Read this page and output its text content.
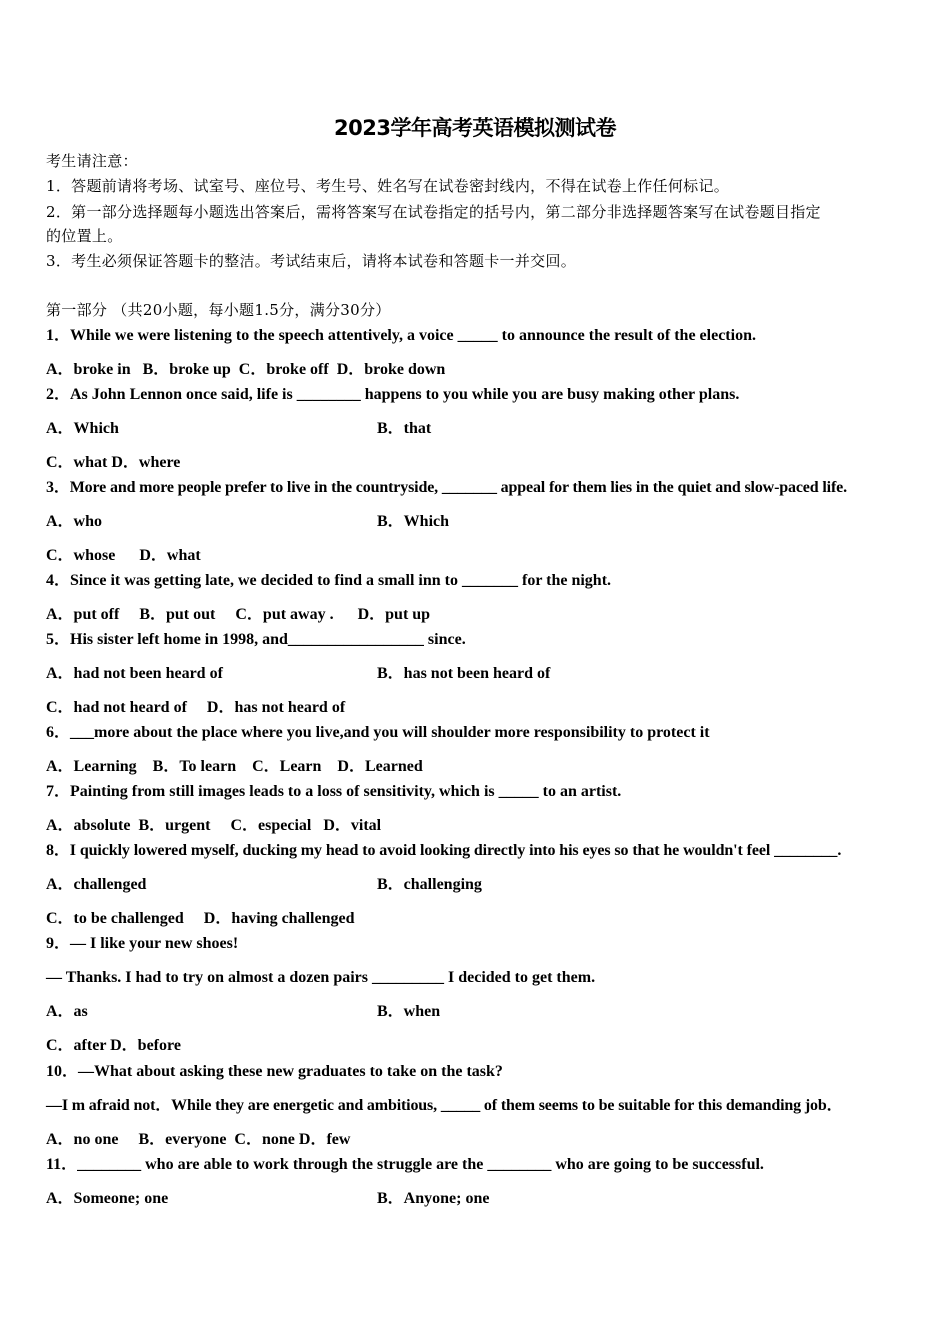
2023学年高考英语模拟测试卷
考生请注意：
1．答题前请将考场、试室号、座位号、考生号、姓名写在试卷密封线内，不得在试卷上作任何标记。
2．第一部分选择题每小题选出答案后，需将答案写在试卷指定的括号内，第二部分非选择题答案写在试卷题目指定
的位置上。
3．考生必须保证答题卡的整洁。考试结束后，请将本试卷和答题卡一并交回。
第一部分 （共20小题，每小题1.5分，满分30分）
1．While we were listening to the speech attentively, a voice _____ to announce the result of the election.
A．broke in   B．broke up  C．broke off  D．broke down
2．As John Lennon once said, life is ________ happens to you while you are busy making other plans.
A．Which	B．that
C．what D．where
3．More and more people prefer to live in the countryside, _______ appeal for them lies in the quiet and slow-paced life.
A．who	B．Which
C．whose      D．what
4．Since it was getting late, we decided to find a small inn to _______ for the night.
A．put off     B．put out     C．put away .      D．put up
5．His sister left home in 1998, and_________________ since.
A．had not been heard of	B．has not been heard of
C．had not heard of     D．has not heard of
6．___more about the place where you live,and you will shoulder more responsibility to protect it
A．Learning    B．To learn    C．Learn    D．Learned
7．Painting from still images leads to a loss of sensitivity, which is _____ to an artist.
A．absolute  B．urgent     C．especial   D．vital
8．I quickly lowered myself, ducking my head to avoid looking directly into his eyes so that he wouldn't feel ________.
A．challenged	B．challenging
C．to be challenged     D．having challenged
9．— I like your new shoes!
— Thanks. I had to try on almost a dozen pairs _________ I decided to get them.
A．as	B．when
C．after D．before
10．—What about asking these new graduates to take on the task?
—I m afraid not．While they are energetic and ambitious, _____ of them seems to be suitable for this demanding job．
A．no one     B．everyone  C．none D．few
11．________ who are able to work through the struggle are the ________ who are going to be successful.
A．Someone; one	B．Anyone; one
